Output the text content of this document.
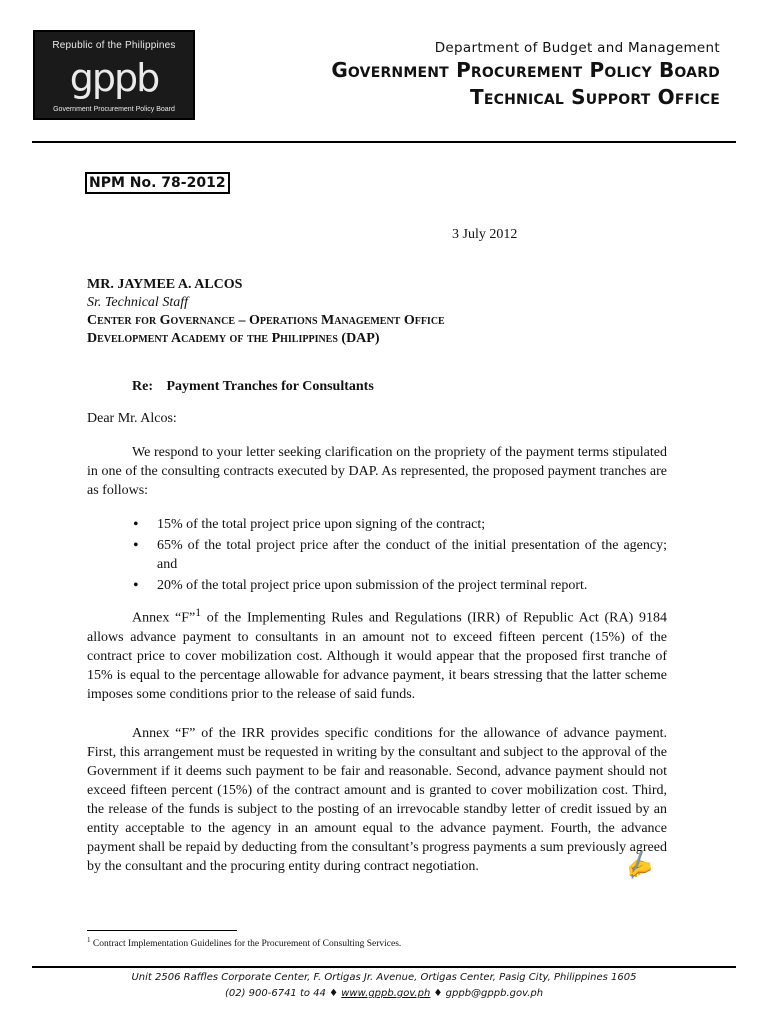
Republic of the Philippines
gppb
Government Procurement Policy Board
Department of Budget and Management
Government Procurement Policy Board
Technical Support Office
NPM No. 78-2012
3 July 2012
MR. JAYMEE A. ALCOS
Sr. Technical Staff
Center for Governance – Operations Management Office
Development Academy of the Philippines (DAP)
Re: Payment Tranches for Consultants
Dear Mr. Alcos:

We respond to your letter seeking clarification on the propriety of the payment terms stipulated in one of the consulting contracts executed by DAP. As represented, the proposed payment tranches are as follows:

• 15% of the total project price upon signing of the contract;
• 65% of the total project price after the conduct of the initial presentation of the agency; and
• 20% of the total project price upon submission of the project terminal report.

Annex “F”$^1$ of the Implementing Rules and Regulations (IRR) of Republic Act (RA) 9184 allows advance payment to consultants in an amount not to exceed fifteen percent (15%) of the contract price to cover mobilization cost. Although it would appear that the proposed first tranche of 15% is equal to the percentage allowable for advance payment, it bears stressing that the latter scheme imposes some conditions prior to the release of said funds.

Annex “F” of the IRR provides specific conditions for the allowance of advance payment. First, this arrangement must be requested in writing by the consultant and subject to the approval of the Government if it deems such payment to be fair and reasonable. Second, advance payment should not exceed fifteen percent (15%) of the contract amount and is granted to cover mobilization cost. Third, the release of the funds is subject to the posting of an irrevocable standby letter of credit issued by an entity acceptable to the agency in an amount equal to the advance payment. Fourth, the advance payment shall be repaid by deducting from the consultant’s progress payments a sum previously agreed by the consultant and the procuring entity during contract negotiation.	✍
$^1$ Contract Implementation Guidelines for the Procurement of Consulting Services.
Unit 2506 Raffles Corporate Center, F. Ortigas Jr. Avenue, Ortigas Center, Pasig City, Philippines 1605
(02) 900-6741 to 44 ♦ www.gppb.gov.ph ♦ gppb@gppb.gov.ph
